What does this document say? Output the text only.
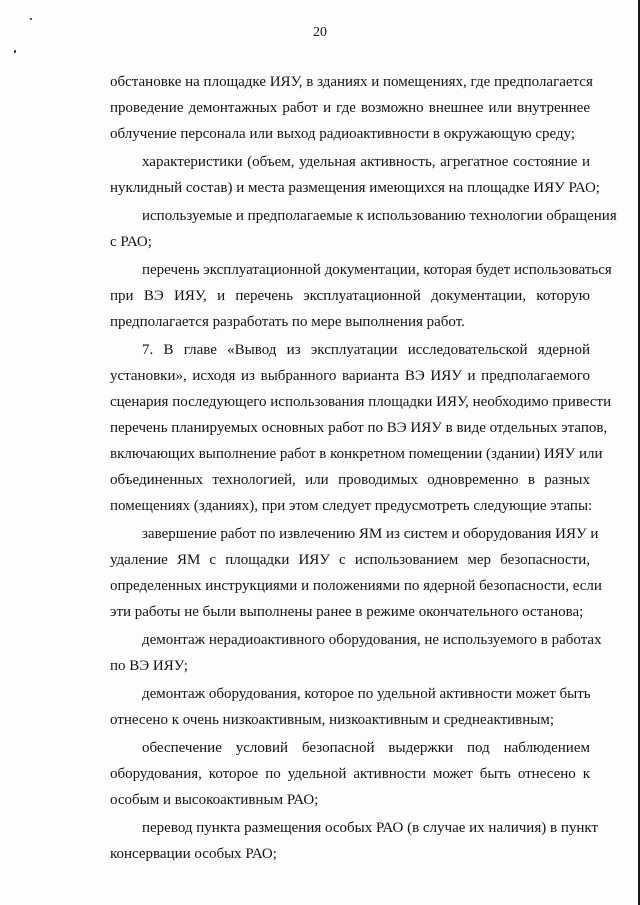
20
обстановке на площадке ИЯУ, в зданиях и помещениях, где предполагается
проведение демонтажных работ и где возможно внешнее или внутреннее
облучение персонала или выход радиоактивности в окружающую среду;
характеристики (объем, удельная активность, агрегатное состояние и
нуклидный состав) и места размещения имеющихся на площадке ИЯУ РАО;
используемые и предполагаемые к использованию технологии обращения
с РАО;
перечень эксплуатационной документации, которая будет использоваться
при ВЭ ИЯУ, и перечень эксплуатационной документации, которую
предполагается разработать по мере выполнения работ.
7. В главе «Вывод из эксплуатации исследовательской ядерной
установки», исходя из выбранного варианта ВЭ ИЯУ и предполагаемого
сценария последующего использования площадки ИЯУ, необходимо привести
перечень планируемых основных работ по ВЭ ИЯУ в виде отдельных этапов,
включающих выполнение работ в конкретном помещении (здании) ИЯУ или
объединенных технологией, или проводимых одновременно в разных
помещениях (зданиях), при этом следует предусмотреть следующие этапы:
завершение работ по извлечению ЯМ из систем и оборудования ИЯУ и
удаление ЯМ с площадки ИЯУ с использованием мер безопасности,
определенных инструкциями и положениями по ядерной безопасности, если
эти работы не были выполнены ранее в режиме окончательного останова;
демонтаж нерадиоактивного оборудования, не используемого в работах
по ВЭ ИЯУ;
демонтаж оборудования, которое по удельной активности может быть
отнесено к очень низкоактивным, низкоактивным и среднеактивным;
обеспечение условий безопасной выдержки под наблюдением
оборудования, которое по удельной активности может быть отнесено к
особым и высокоактивным РАО;
перевод пункта размещения особых РАО (в случае их наличия) в пункт
консервации особых РАО;
